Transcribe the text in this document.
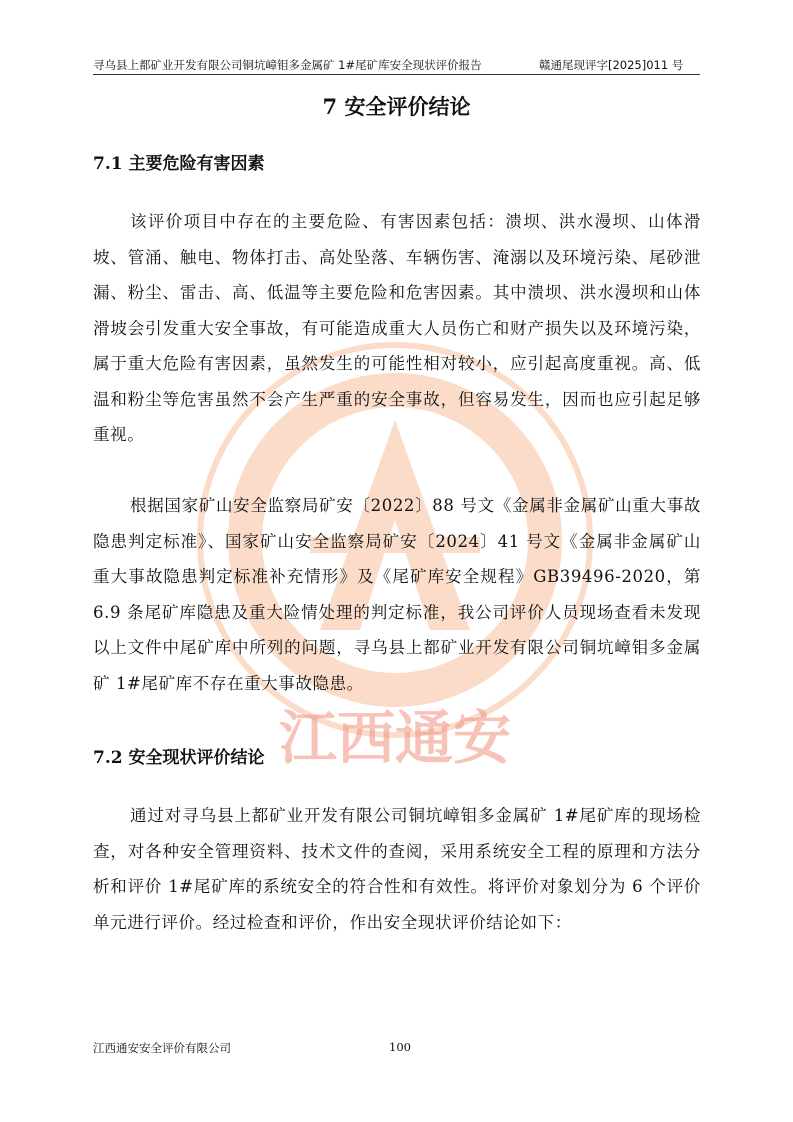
寻乌县上都矿业开发有限公司铜坑嶂钼多金属矿 1#尾矿库安全现状评价报告	赣通尾现评字[2025]011 号
江西通安
7 安全评价结论
7.1 主要危险有害因素

该评价项目中存在的主要危险、有害因素包括：溃坝、洪水漫坝、山体滑坡、管涌、触电、物体打击、高处坠落、车辆伤害、淹溺以及环境污染、尾砂泄漏、粉尘、雷击、高、低温等主要危险和危害因素。其中溃坝、洪水漫坝和山体滑坡会引发重大安全事故，有可能造成重大人员伤亡和财产损失以及环境污染，属于重大危险有害因素，虽然发生的可能性相对较小，应引起高度重视。高、低温和粉尘等危害虽然不会产生严重的安全事故，但容易发生，因而也应引起足够重视。

根据国家矿山安全监察局矿安〔2022〕88 号文《金属非金属矿山重大事故隐患判定标准》、国家矿山安全监察局矿安〔2024〕41 号文《金属非金属矿山重大事故隐患判定标准补充情形》及《尾矿库安全规程》GB39496-2020，第 6.9 条尾矿库隐患及重大险情处理的判定标准，我公司评价人员现场查看未发现以上文件中尾矿库中所列的问题，寻乌县上都矿业开发有限公司铜坑嶂钼多金属矿 1#尾矿库不存在重大事故隐患。

7.2 安全现状评价结论

通过对寻乌县上都矿业开发有限公司铜坑嶂钼多金属矿 1#尾矿库的现场检查，对各种安全管理资料、技术文件的查阅，采用系统安全工程的原理和方法分析和评价 1#尾矿库的系统安全的符合性和有效性。将评价对象划分为 6 个评价单元进行评价。经过检查和评价，作出安全现状评价结论如下：

江西通安安全评价有限公司	100
